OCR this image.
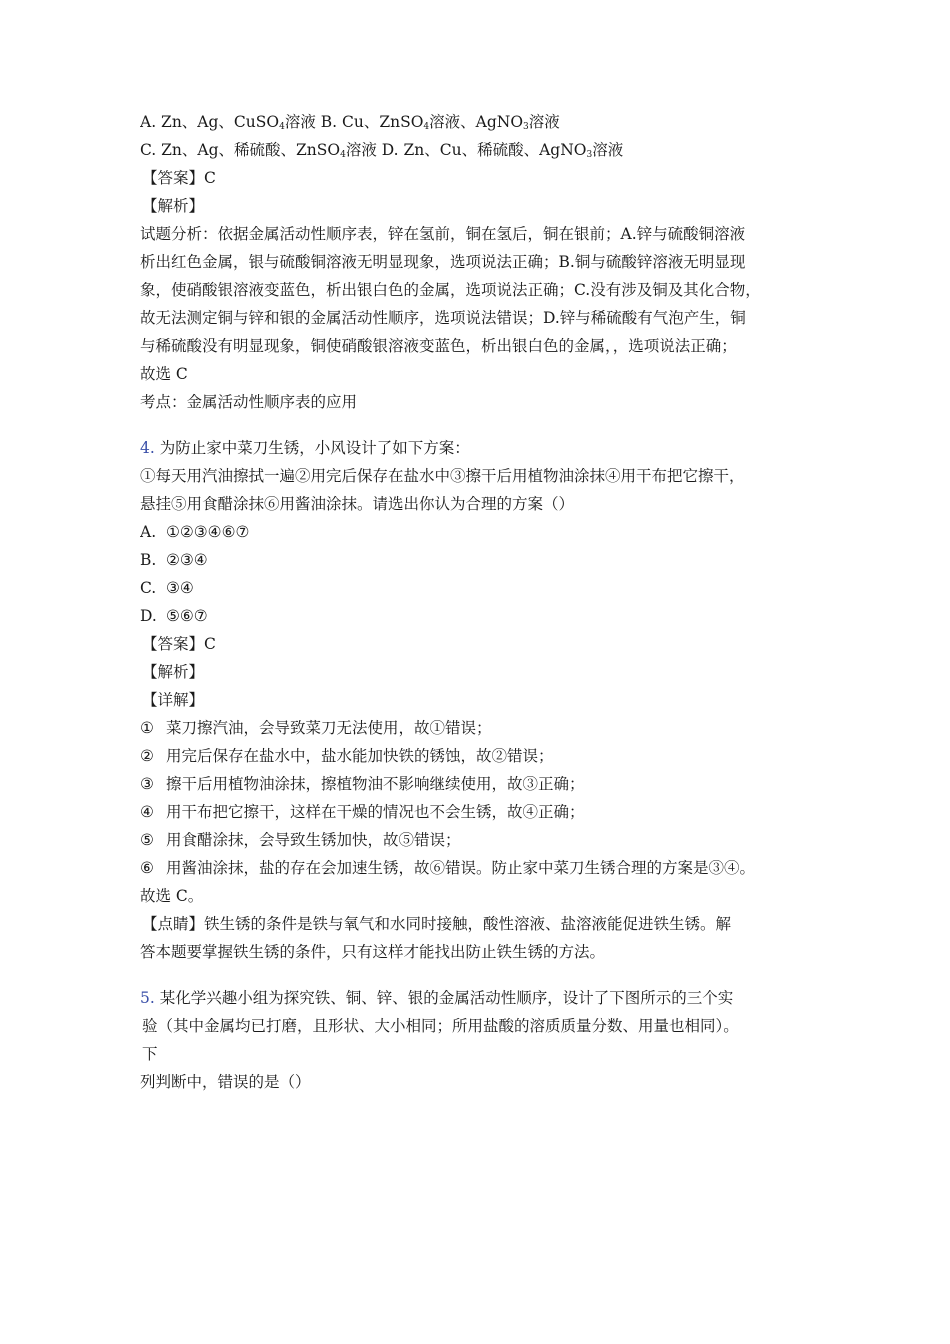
A. Zn、Ag、CuSO$_4$溶液 B. Cu、ZnSO$_4$溶液、AgNO$_3$溶液
C. Zn、Ag、稀硫酸、ZnSO$_4$溶液 D. Zn、Cu、稀硫酸、AgNO$_3$溶液
【答案】C
【解析】
试题分析：依据金属活动性顺序表，锌在氢前，铜在氢后，铜在银前；A.锌与硫酸铜溶液
析出红色金属，银与硫酸铜溶液无明显现象，选项说法正确；B.铜与硫酸锌溶液无明显现
象，使硝酸银溶液变蓝色，析出银白色的金属，选项说法正确；C.没有涉及铜及其化合物，
故无法测定铜与锌和银的金属活动性顺序，选项说法错误；D.锌与稀硫酸有气泡产生，铜
与稀硫酸没有明显现象，铜使硝酸银溶液变蓝色，析出银白色的金属，，选项说法正确；
故选 C
考点：金属活动性顺序表的应用
4. 为防止家中菜刀生锈，小风设计了如下方案：
①每天用汽油擦拭一遍②用完后保存在盐水中③擦干后用植物油涂抹④用干布把它擦干，
悬挂⑤用食醋涂抹⑥用酱油涂抹。请选出你认为合理的方案（）
A. ①②③④⑥⑦
B. ②③④
C. ③④
D. ⑤⑥⑦
【答案】C
【解析】
【详解】
① 菜刀擦汽油，会导致菜刀无法使用，故①错误；
② 用完后保存在盐水中，盐水能加快铁的锈蚀，故②错误；
③ 擦干后用植物油涂抹，擦植物油不影响继续使用，故③正确；
④ 用干布把它擦干，这样在干燥的情况也不会生锈，故④正确；
⑤ 用食醋涂抹，会导致生锈加快，故⑤错误；
⑥ 用酱油涂抹，盐的存在会加速生锈，故⑥错误。防止家中菜刀生锈合理的方案是③④。
故选 C。
【点睛】铁生锈的条件是铁与氧气和水同时接触，酸性溶液、盐溶液能促进铁生锈。解
答本题要掌握铁生锈的条件，只有这样才能找出防止铁生锈的方法。
5. 某化学兴趣小组为探究铁、铜、锌、银的金属活动性顺序，设计了下图所示的三个实
验（其中金属均已打磨，且形状、大小相同；所用盐酸的溶质质量分数、用量也相同）。
下
列判断中，错误的是（）
